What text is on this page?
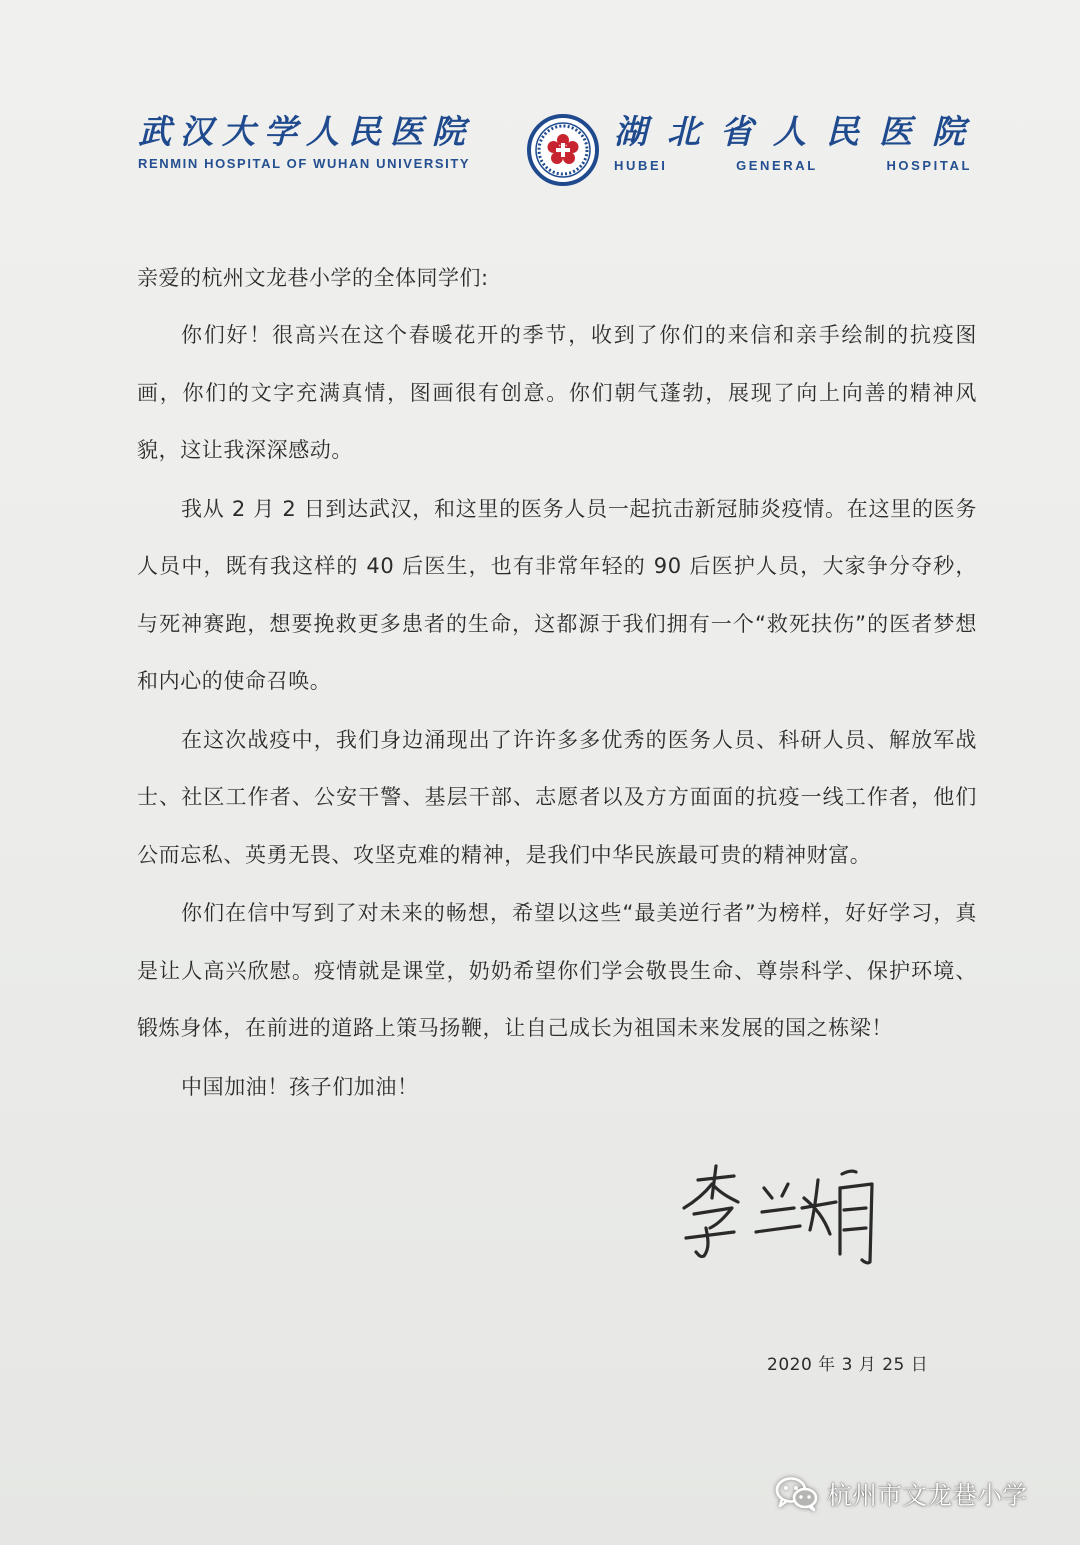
武汉大学人民医院
RENMIN HOSPITAL OF WUHAN UNIVERSITY
湖北省人民医院
HUBEI	GENERAL	HOSPITAL

亲爱的杭州文龙巷小学的全体同学们:

你们好！很高兴在这个春暖花开的季节，收到了你们的来信和亲手绘制的抗疫图画，你们的文字充满真情，图画很有创意。你们朝气蓬勃，展现了向上向善的精神风貌，这让我深深感动。

我从 2 月 2 日到达武汉，和这里的医务人员一起抗击新冠肺炎疫情。在这里的医务人员中，既有我这样的 40 后医生，也有非常年轻的 90 后医护人员，大家争分夺秒，与死神赛跑，想要挽救更多患者的生命，这都源于我们拥有一个“救死扶伤”的医者梦想和内心的使命召唤。

在这次战疫中，我们身边涌现出了许许多多优秀的医务人员、科研人员、解放军战士、社区工作者、公安干警、基层干部、志愿者以及方方面面的抗疫一线工作者，他们公而忘私、英勇无畏、攻坚克难的精神，是我们中华民族最可贵的精神财富。

你们在信中写到了对未来的畅想，希望以这些“最美逆行者”为榜样，好好学习，真是让人高兴欣慰。疫情就是课堂，奶奶希望你们学会敬畏生命、尊崇科学、保护环境、锻炼身体，在前进的道路上策马扬鞭，让自己成长为祖国未来发展的国之栋梁！

中国加油！孩子们加油！

2020 年 3 月 25 日
杭州市文龙巷小学
